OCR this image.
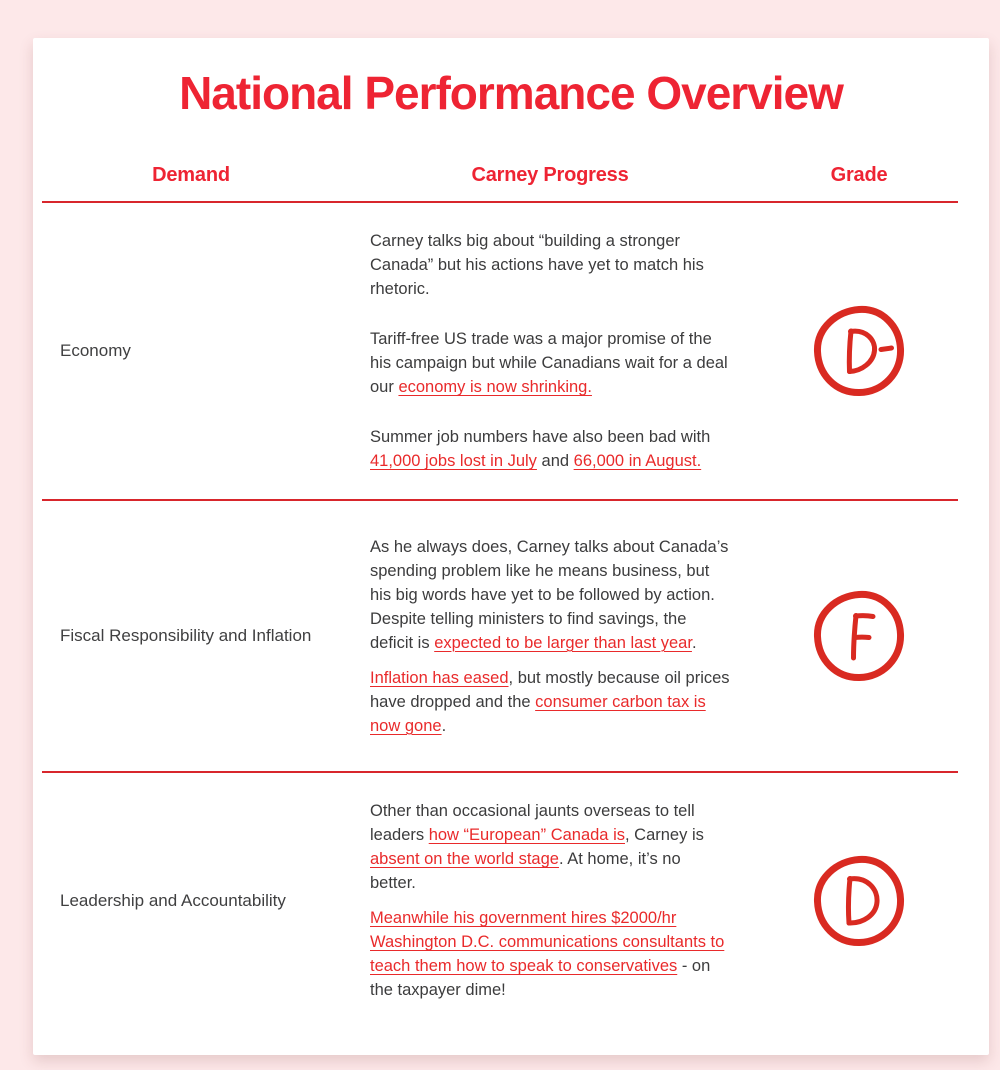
National Performance Overview
Demand	Carney Progress	Grade
Economy

Carney talks big about “building a stronger Canada” but his actions have yet to match his rhetoric.

Tariff-free US trade was a major promise of the his campaign but while Canadians wait for a deal our economy is now shrinking.

Summer job numbers have also been bad with 41,000 jobs lost in July and 66,000 in August.

Fiscal Responsibility and Inflation

As he always does, Carney talks about Canada’s spending problem like he means business, but his big words have yet to be followed by action.  Despite telling ministers to find savings, the deficit is expected to be larger than last year.

Inflation has eased, but mostly because oil prices have dropped and the consumer carbon tax is now gone.

Leadership and Accountability

Other than occasional jaunts overseas to tell leaders how “European” Canada is, Carney is absent on the world stage. At home, it’s no better.

Meanwhile his government hires $2000/hr Washington D.C. communications consultants to teach them how to speak to conservatives - on the taxpayer dime!
